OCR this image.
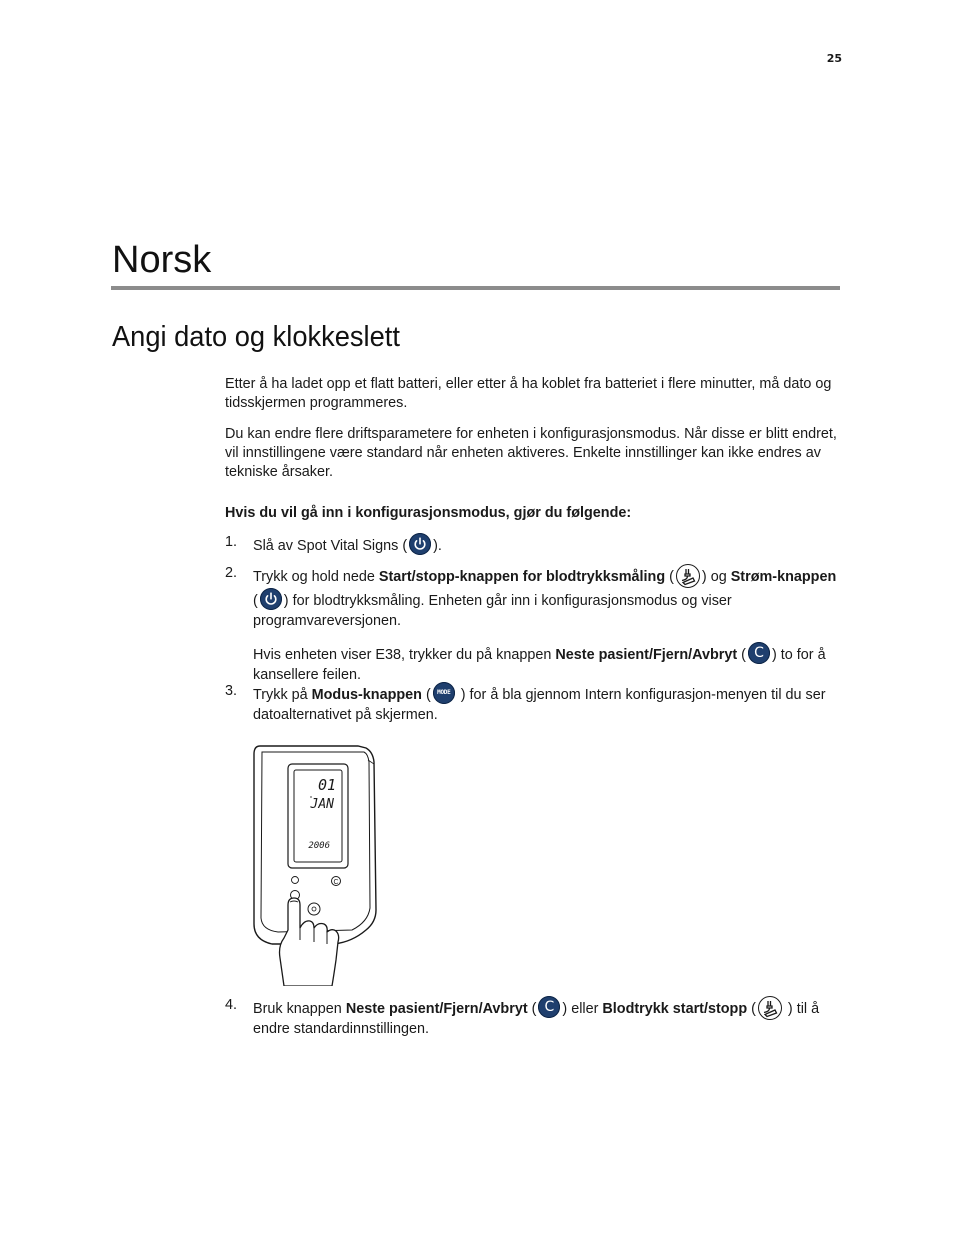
25
Norsk
Angi dato og klokkeslett

Etter å ha ladet opp et flatt batteri, eller etter å ha koblet fra batteriet i flere minutter, må dato og tidsskjermen programmeres.

Du kan endre flere driftsparametere for enheten i konfigurasjonsmodus. Når disse er blitt endret, vil innstillingene være standard når enheten aktiveres. Enkelte innstillinger kan ikke endres av tekniske årsaker.

Hvis du vil gå inn i konfigurasjonsmodus, gjør du følgende:

1. Slå av Spot Vital Signs ( ).
2. Trykk og hold nede Start/stopp-knappen for blodtrykksmåling ( ) og Strøm-knappen ( ) for blodtrykksmåling. Enheten går inn i konfigurasjonsmodus og viser programvareversjonen.
Hvis enheten viser E38, trykker du på knappen Neste pasient/Fjern/Avbryt ( C ) to for å kansellere feilen.
3. Trykk på Modus-knappen (	MODE ) for å bla gjennom Intern konfigurasjon-menyen til du ser datoalternativet på skjermen.
01
JAN
2006
C
4. Bruk knappen Neste pasient/Fjern/Avbryt ( C ) eller Blodtrykk start/stopp (
) til å endre standardinnstillingen.
